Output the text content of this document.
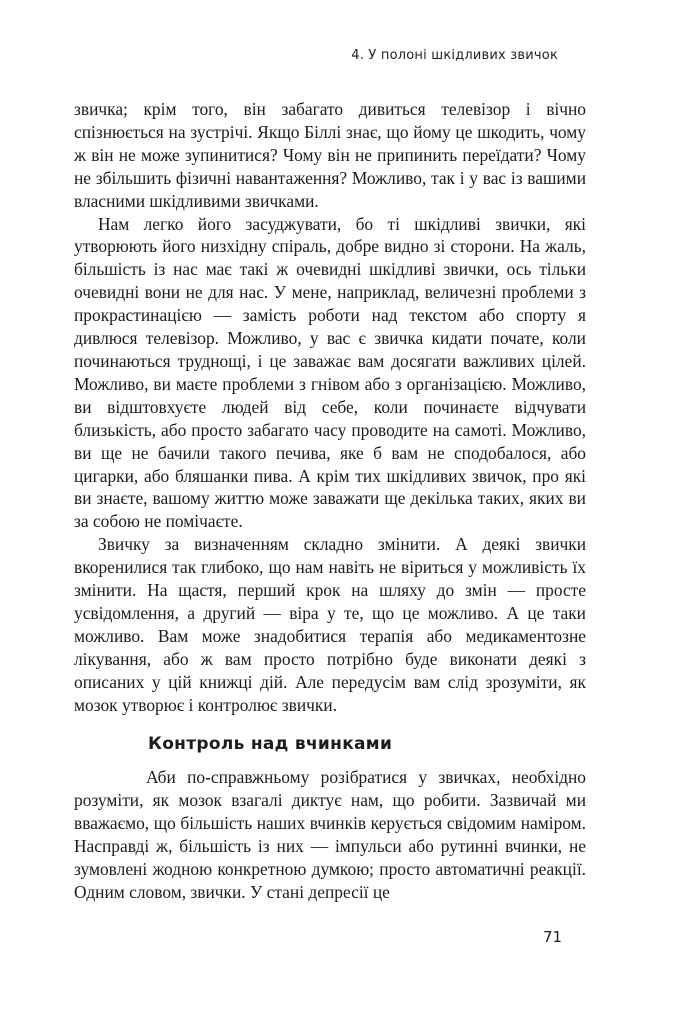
4. У полоні шкідливих звичок

звичка; крім того, він забагато дивиться телевізор і вічно спізнюється на зустрічі. Якщо Біллі знає, що йому це шкодить, чому ж він не може зупинитися? Чому він не припинить переїдати? Чому не збільшить фізичні навантаження? Можливо, так і у вас із вашими власними шкідливими звичками.

Нам легко його засуджувати, бо ті шкідливі звички, які утворюють його низхідну спіраль, добре видно зі сторони. На жаль, більшість із нас має такі ж очевидні шкідливі звички, ось тільки очевидні вони не для нас. У мене, наприклад, величезні проблеми з прокрастинацією — замість роботи над текстом або спорту я дивлюся телевізор. Можливо, у вас є звичка кидати почате, коли починаються труднощі, і це заважає вам досягати важливих цілей. Можливо, ви маєте проблеми з гнівом або з організацією. Можливо, ви відштовхуєте людей від себе, коли починаєте відчувати близькість, або просто забагато часу проводите на самоті. Можливо, ви ще не бачили такого печива, яке б вам не сподобалося, або цигарки, або бляшанки пива. А крім тих шкідливих звичок, про які ви знаєте, вашому життю може заважати ще декілька таких, яких ви за собою не помічаєте.

Звичку за визначенням складно змінити. А деякі звички вкоренилися так глибоко, що нам навіть не віриться у можливість їх змінити. На щастя, перший крок на шляху до змін — просте усвідомлення, а другий — віра у те, що це можливо. А це таки можливо. Вам може знадобитися терапія або медикаментозне лікування, або ж вам просто потрібно буде виконати деякі з описаних у цій книжці дій. Але передусім вам слід зрозуміти, як мозок утворює і контролює звички.

Контроль над вчинками

Аби по-справжньому розібратися у звичках, необхідно розуміти, як мозок взагалі диктує нам, що робити. Зазвичай ми вважаємо, що більшість наших вчинків керується свідомим наміром. Насправді ж, більшість із них — імпульси або рутинні вчинки, не зумовлені жодною конкретною думкою; просто автоматичні реакції. Одним словом, звички. У стані депресії це

71
